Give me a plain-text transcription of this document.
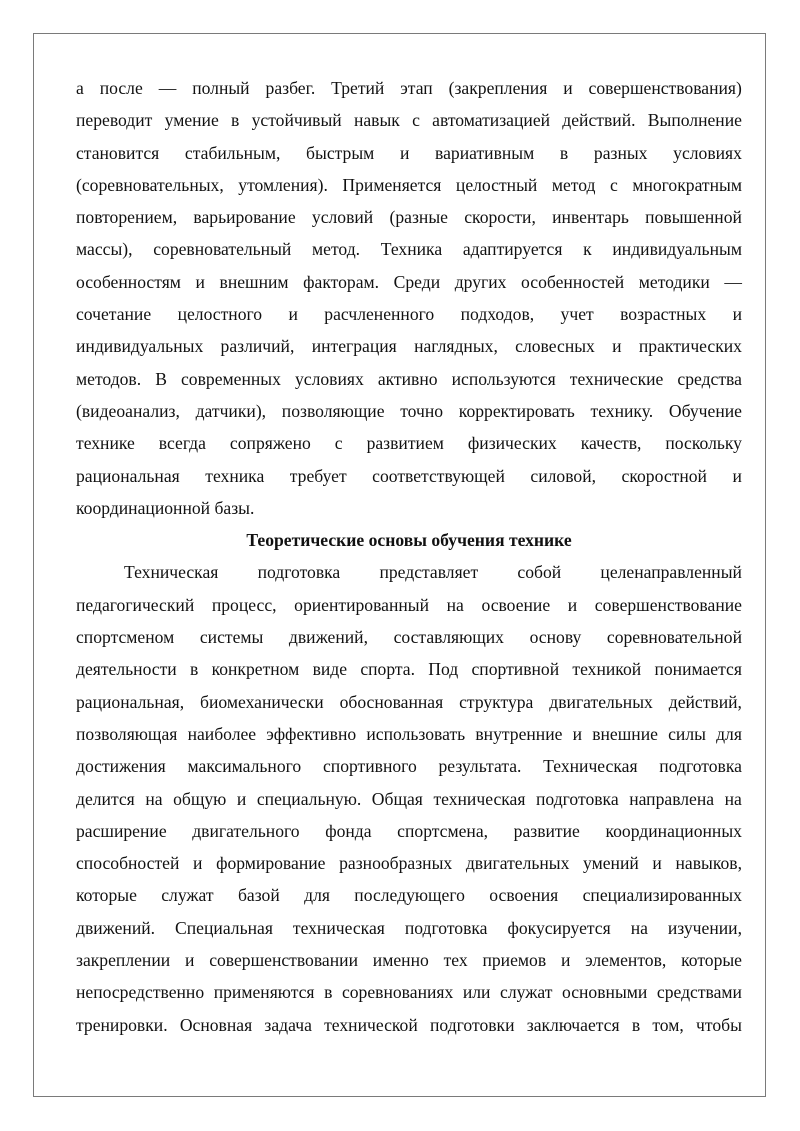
а после — полный разбег. Третий этап (закрепления и совершенствования)
переводит умение в устойчивый навык с автоматизацией действий. Выполнение
становится стабильным, быстрым и вариативным в разных условиях
(соревновательных, утомления). Применяется целостный метод с многократным
повторением, варьирование условий (разные скорости, инвентарь повышенной
массы), соревновательный метод. Техника адаптируется к индивидуальным
особенностям и внешним факторам. Среди других особенностей методики —
сочетание целостного и расчлененного подходов, учет возрастных и
индивидуальных различий, интеграция наглядных, словесных и практических
методов. В современных условиях активно используются технические средства
(видеоанализ, датчики), позволяющие точно корректировать технику. Обучение
технике всегда сопряжено с развитием физических качеств, поскольку
рациональная техника требует соответствующей силовой, скоростной и
координационной базы.
Теоретические основы обучения технике
Техническая подготовка представляет собой целенаправленный
педагогический процесс, ориентированный на освоение и совершенствование
спортсменом системы движений, составляющих основу соревновательной
деятельности в конкретном виде спорта. Под спортивной техникой понимается
рациональная, биомеханически обоснованная структура двигательных действий,
позволяющая наиболее эффективно использовать внутренние и внешние силы для
достижения максимального спортивного результата. Техническая подготовка
делится на общую и специальную. Общая техническая подготовка направлена на
расширение двигательного фонда спортсмена, развитие координационных
способностей и формирование разнообразных двигательных умений и навыков,
которые служат базой для последующего освоения специализированных
движений. Специальная техническая подготовка фокусируется на изучении,
закреплении и совершенствовании именно тех приемов и элементов, которые
непосредственно применяются в соревнованиях или служат основными средствами
тренировки. Основная задача технической подготовки заключается в том, чтобы
